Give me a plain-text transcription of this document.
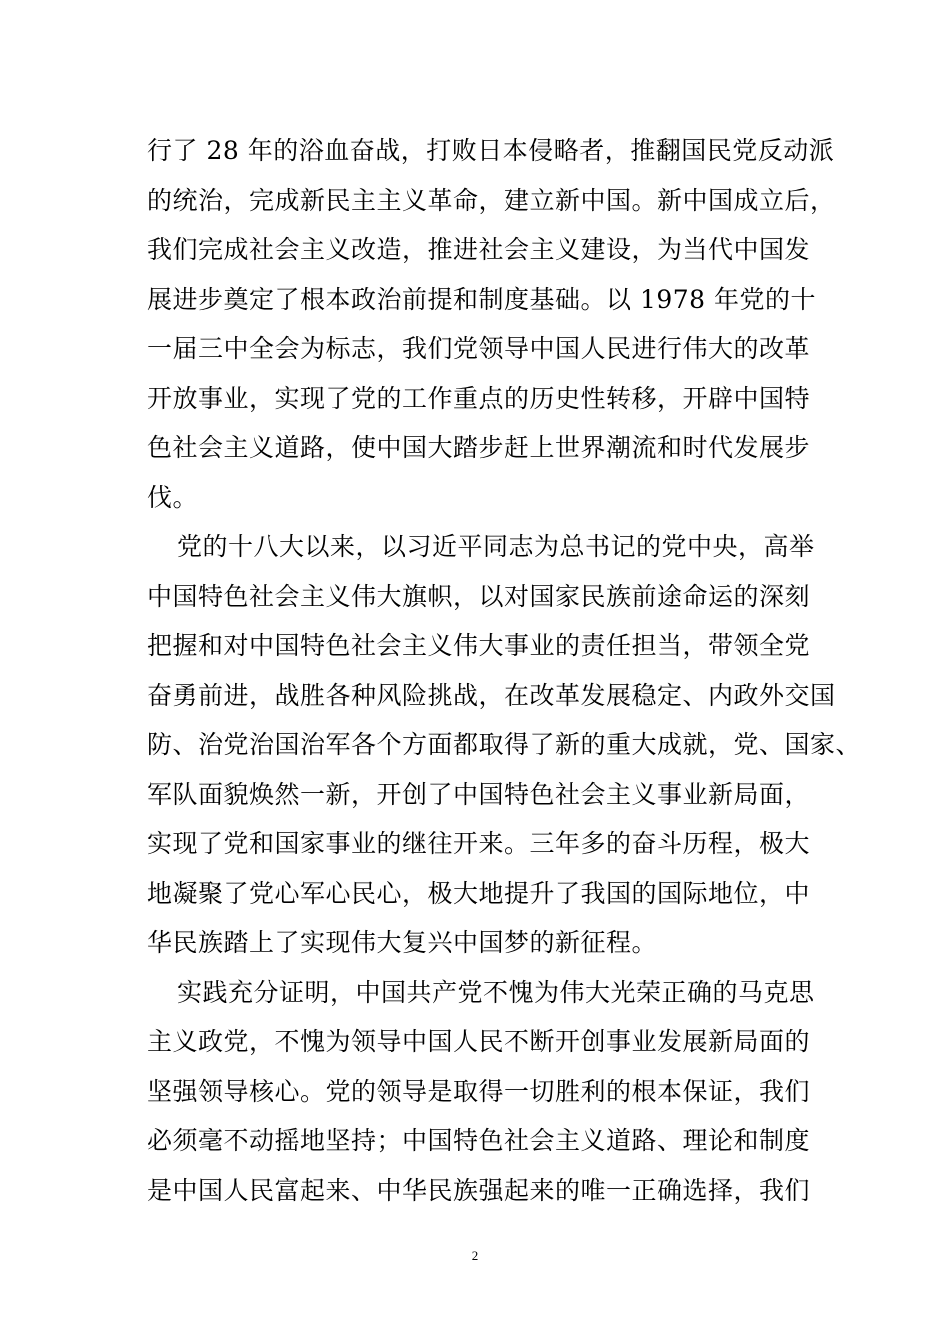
行了 28 年的浴血奋战，打败日本侵略者，推翻国民党反动派
的统治，完成新民主主义革命，建立新中国。新中国成立后，
我们完成社会主义改造，推进社会主义建设，为当代中国发
展进步奠定了根本政治前提和制度基础。以 1978 年党的十
一届三中全会为标志，我们党领导中国人民进行伟大的改革
开放事业，实现了党的工作重点的历史性转移，开辟中国特
色社会主义道路，使中国大踏步赶上世界潮流和时代发展步
伐。
党的十八大以来，以习近平同志为总书记的党中央，高举
中国特色社会主义伟大旗帜，以对国家民族前途命运的深刻
把握和对中国特色社会主义伟大事业的责任担当，带领全党
奋勇前进，战胜各种风险挑战，在改革发展稳定、内政外交国
防、治党治国治军各个方面都取得了新的重大成就，党、国家、
军队面貌焕然一新，开创了中国特色社会主义事业新局面，
实现了党和国家事业的继往开来。三年多的奋斗历程，极大
地凝聚了党心军心民心，极大地提升了我国的国际地位，中
华民族踏上了实现伟大复兴中国梦的新征程。
实践充分证明，中国共产党不愧为伟大光荣正确的马克思
主义政党，不愧为领导中国人民不断开创事业发展新局面的
坚强领导核心。党的领导是取得一切胜利的根本保证，我们
必须毫不动摇地坚持；中国特色社会主义道路、理论和制度
是中国人民富起来、中华民族强起来的唯一正确选择，我们
2
